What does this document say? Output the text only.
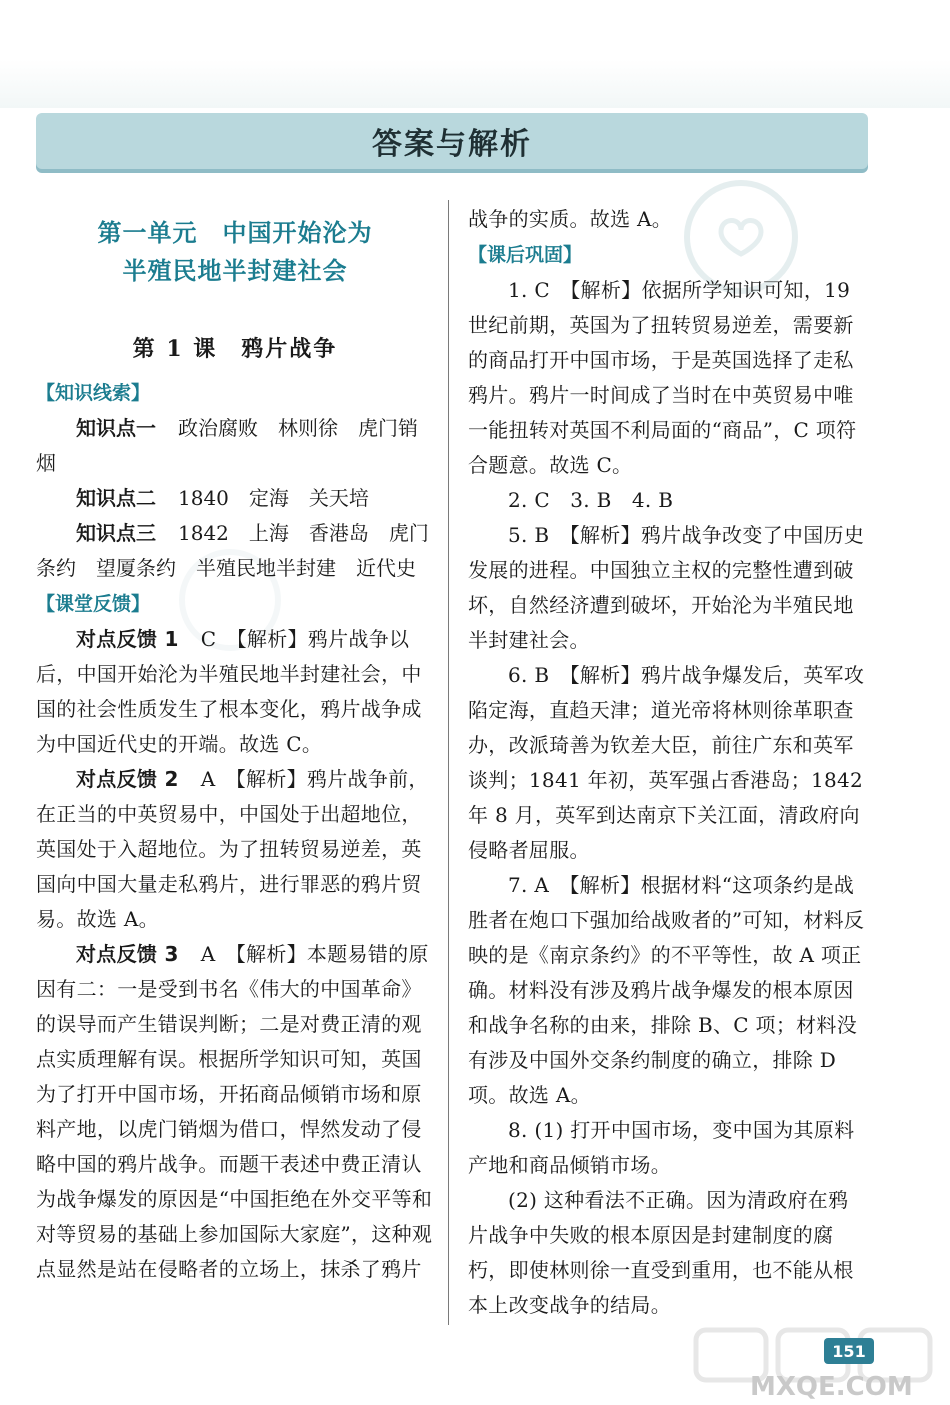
答案与解析

第一单元　中国开始沦为
半殖民地半封建社会

第 1 课　鸦片战争

【知识线索】

知识点一 政治腐败　林则徐　虎门销烟

知识点二 1840　定海　关天培

知识点三 1842　上海　香港岛　虎门条约　望厦条约　半殖民地半封建　近代史

【课堂反馈】

对点反馈 1 C　【解析】鸦片战争以后，中国开始沦为半殖民地半封建社会，中国的社会性质发生了根本变化，鸦片战争成为中国近代史的开端。故选 C。

对点反馈 2 A　【解析】鸦片战争前，在正当的中英贸易中，中国处于出超地位，英国处于入超地位。为了扭转贸易逆差，英国向中国大量走私鸦片，进行罪恶的鸦片贸易。故选 A。

对点反馈 3 A　【解析】本题易错的原因有二：一是受到书名《伟大的中国革命》的误导而产生错误判断；二是对费正清的观点实质理解有误。根据所学知识可知，英国为了打开中国市场，开拓商品倾销市场和原料产地，以虎门销烟为借口，悍然发动了侵略中国的鸦片战争。而题干表述中费正清认为战争爆发的原因是“中国拒绝在外交平等和对等贸易的基础上参加国际大家庭”，这种观点显然是站在侵略者的立场上，抹杀了鸦片

战争的实质。故选 A。

【课后巩固】

1. C　【解析】依据所学知识可知，19 世纪前期，英国为了扭转贸易逆差，需要新的商品打开中国市场，于是英国选择了走私鸦片。鸦片一时间成了当时在中英贸易中唯一能扭转对英国不利局面的“商品”，C 项符合题意。故选 C。

2. C　3. B　4. B

5. B　【解析】鸦片战争改变了中国历史发展的进程。中国独立主权的完整性遭到破坏，自然经济遭到破坏，开始沦为半殖民地半封建社会。

6. B　【解析】鸦片战争爆发后，英军攻陷定海，直趋天津；道光帝将林则徐革职查办，改派琦善为钦差大臣，前往广东和英军谈判；1841 年初，英军强占香港岛；1842 年 8 月，英军到达南京下关江面，清政府向侵略者屈服。

7. A　【解析】根据材料“这项条约是战胜者在炮口下强加给战败者的”可知，材料反映的是《南京条约》的不平等性，故 A 项正确。材料没有涉及鸦片战争爆发的根本原因和战争名称的由来，排除 B、C 项；材料没有涉及中国外交条约制度的确立，排除 D 项。故选 A。

8. (1) 打开中国市场，变中国为其原料产地和商品倾销市场。

(2) 这种看法不正确。因为清政府在鸦片战争中失败的根本原因是封建制度的腐朽，即使林则徐一直受到重用，也不能从根本上改变战争的结局。

151
MXQE.COM
